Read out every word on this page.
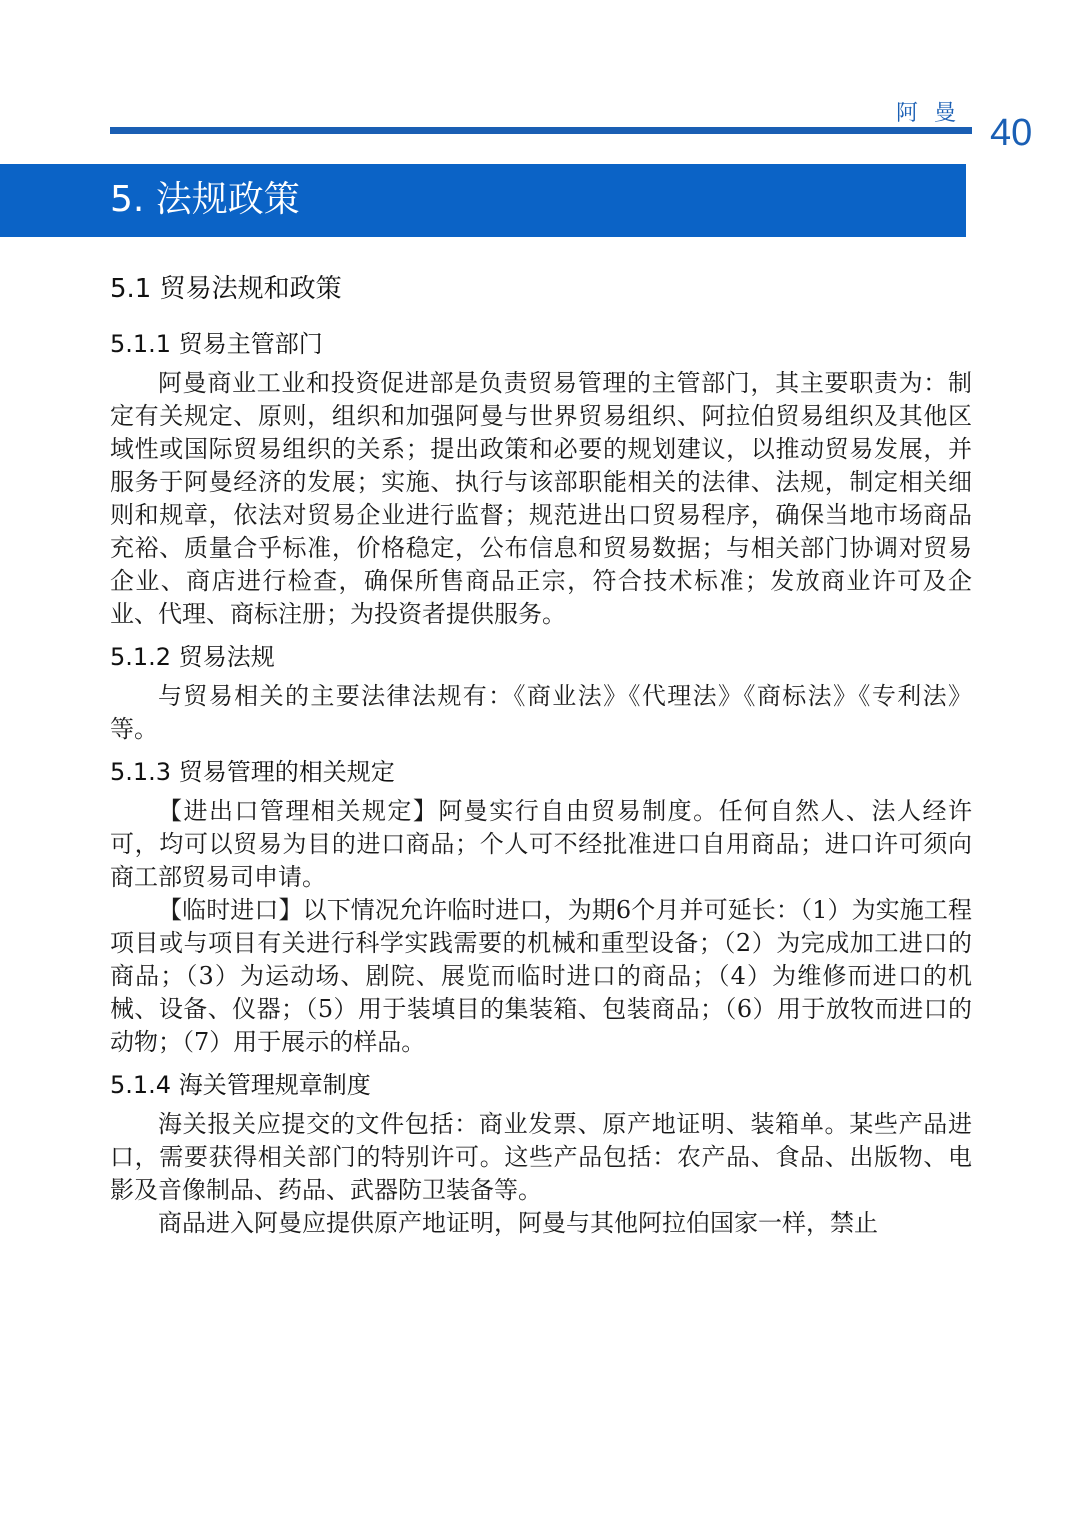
阿曼 40
5. 法规政策
5.1 贸易法规和政策
5.1.1 贸易主管部门

阿曼商业工业和投资促进部是负责贸易管理的主管部门，其主要职责为：制定有关规定、原则，组织和加强阿曼与世界贸易组织、阿拉伯贸易组织及其他区域性或国际贸易组织的关系；提出政策和必要的规划建议，以推动贸易发展，并服务于阿曼经济的发展；实施、执行与该部职能相关的法律、法规，制定相关细则和规章，依法对贸易企业进行监督；规范进出口贸易程序，确保当地市场商品充裕、质量合乎标准，价格稳定，公布信息和贸易数据；与相关部门协调对贸易企业、商店进行检查，确保所售商品正宗，符合技术标准；发放商业许可及企业、代理、商标注册；为投资者提供服务。

5.1.2 贸易法规

与贸易相关的主要法律法规有：《商业法》《代理法》《商标法》《专利法》等。

5.1.3 贸易管理的相关规定

【进出口管理相关规定】阿曼实行自由贸易制度。任何自然人、法人经许可，均可以贸易为目的进口商品；个人可不经批准进口自用商品；进口许可须向商工部贸易司申请。

【临时进口】以下情况允许临时进口，为期6个月并可延长：（1）为实施工程项目或与项目有关进行科学实践需要的机械和重型设备；（2）为完成加工进口的商品；（3）为运动场、剧院、展览而临时进口的商品；（4）为维修而进口的机械、设备、仪器；（5）用于装填目的集装箱、包装商品；（6）用于放牧而进口的动物；（7）用于展示的样品。

5.1.4 海关管理规章制度

海关报关应提交的文件包括：商业发票、原产地证明、装箱单。某些产品进口，需要获得相关部门的特别许可。这些产品包括：农产品、食品、出版物、电影及音像制品、药品、武器防卫装备等。

商品进入阿曼应提供原产地证明，阿曼与其他阿拉伯国家一样，禁止
